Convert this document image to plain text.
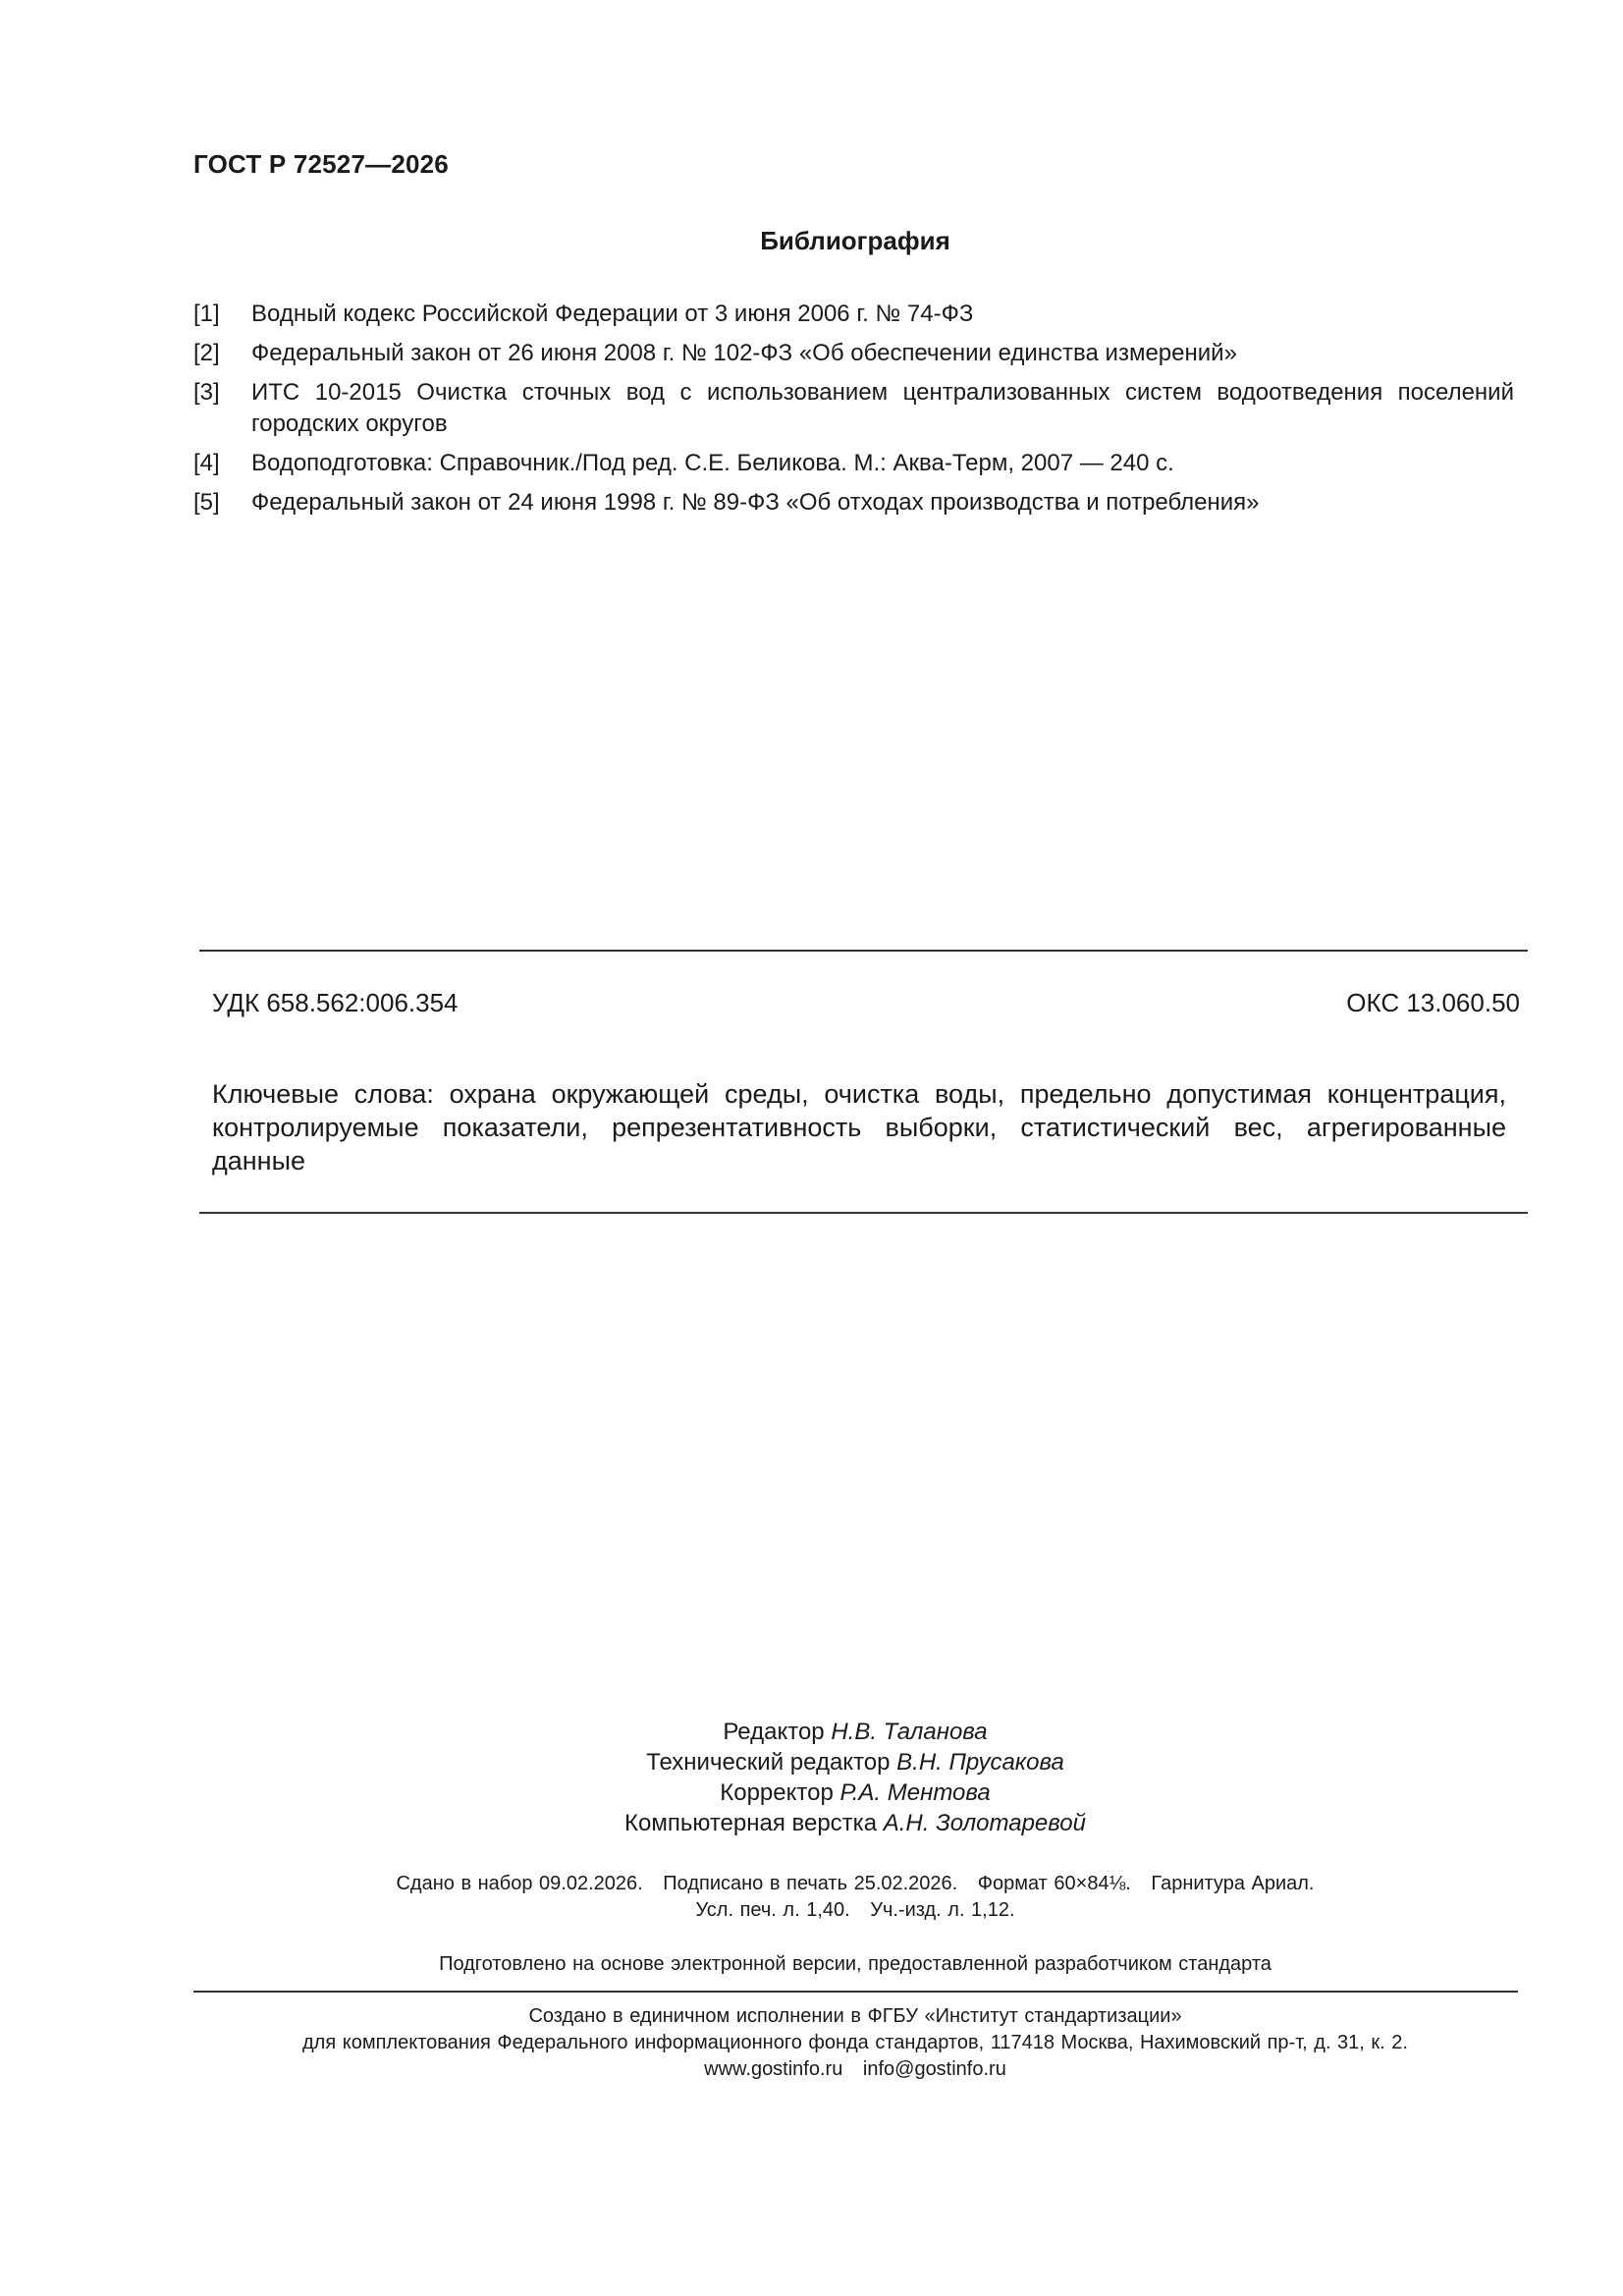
ГОСТ Р 72527—2026
Библиография
[1] Водный кодекс Российской Федерации от 3 июня 2006 г. № 74-ФЗ
[2] Федеральный закон от 26 июня 2008 г. № 102-ФЗ «Об обеспечении единства измерений»
[3] ИТС 10-2015 Очистка сточных вод с использованием централизованных систем водоотведения поселений городских округов
[4] Водоподготовка: Справочник./Под ред. С.Е. Беликова. М.: Аква-Терм, 2007 — 240 с.
[5] Федеральный закон от 24 июня 1998 г. № 89-ФЗ «Об отходах производства и потребления»
УДК 658.562:006.354	ОКС 13.060.50
Ключевые слова: охрана окружающей среды, очистка воды, предельно допустимая концентрация, контролируемые показатели, репрезентативность выборки, статистический вес, агрегированные данные
Редактор Н.В. Таланова
Технический редактор В.Н. Прусакова
Корректор Р.А. Ментова
Компьютерная верстка А.Н. Золотаревой
Сдано в набор 09.02.2026. Подписано в печать 25.02.2026. Формат 60×84⅛. Гарнитура Ариал.
Усл. печ. л. 1,40. Уч.-изд. л. 1,12.
Подготовлено на основе электронной версии, предоставленной разработчиком стандарта
Создано в единичном исполнении в ФГБУ «Институт стандартизации»
для комплектования Федерального информационного фонда стандартов, 117418 Москва, Нахимовский пр-т, д. 31, к. 2.
www.gostinfo.ru info@gostinfo.ru
